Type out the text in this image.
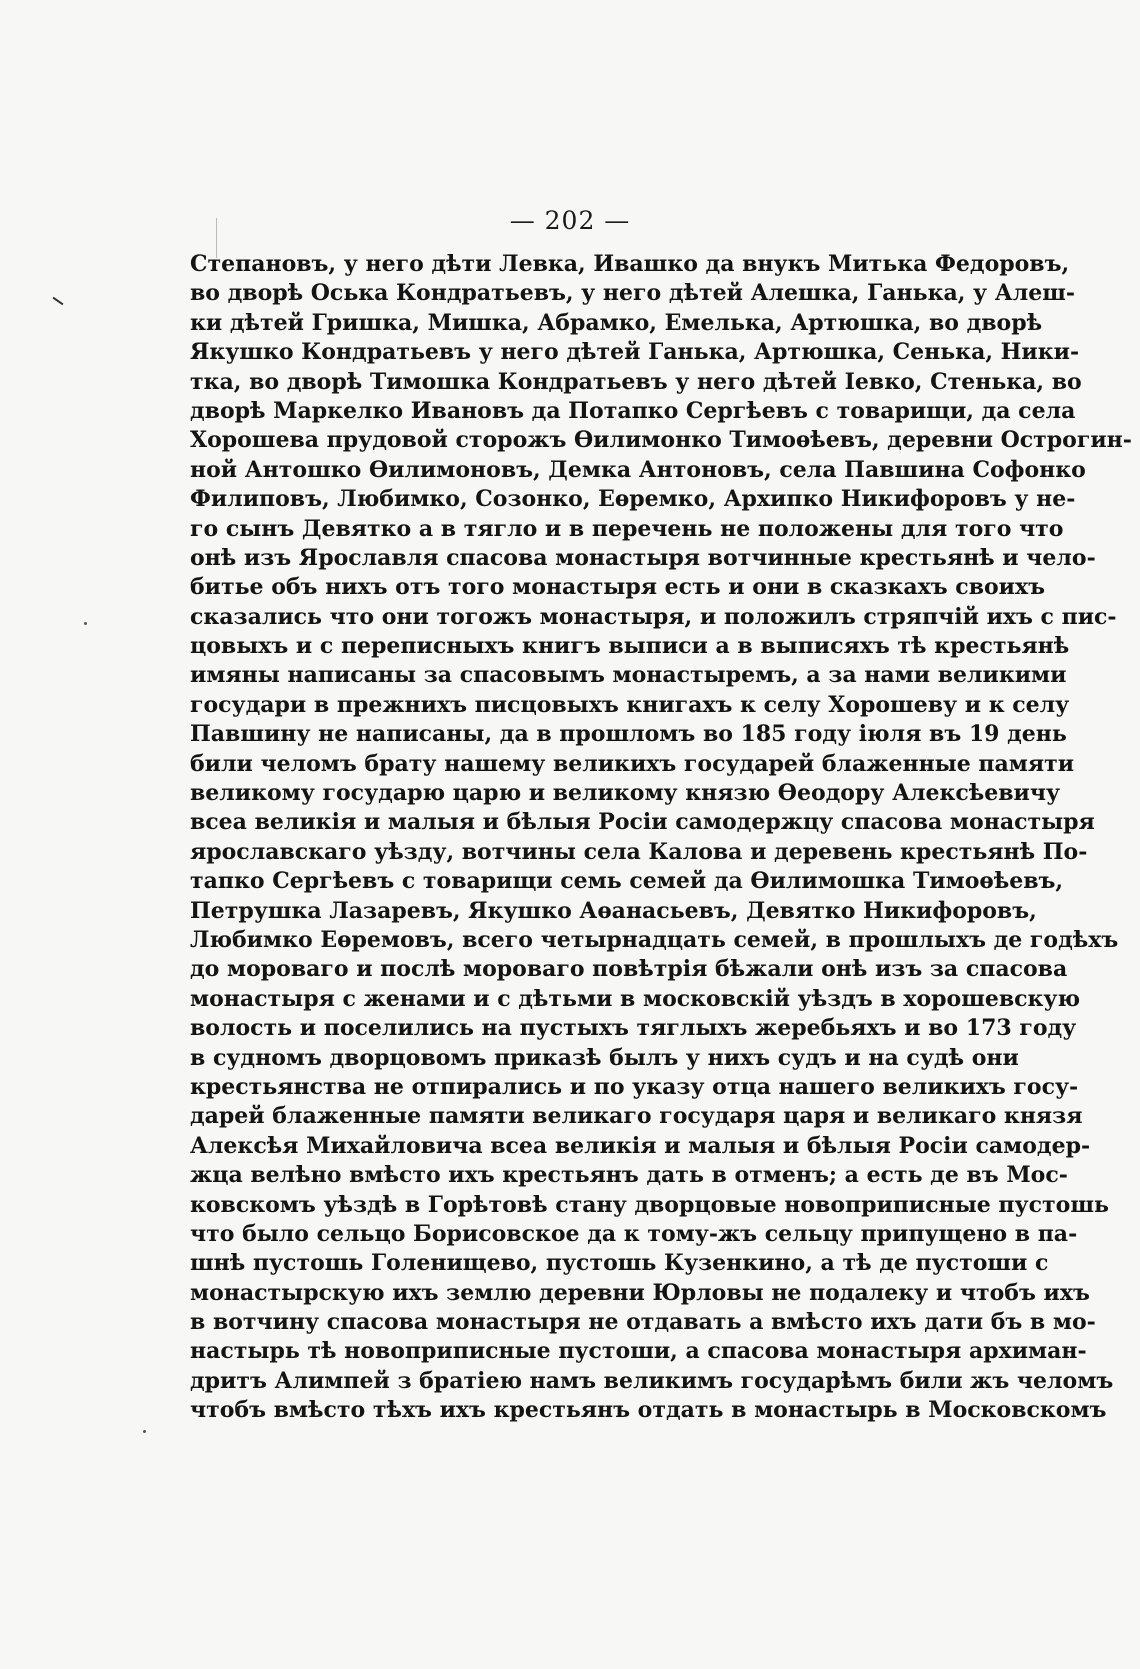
— 202 —
Степановъ, у него дѣти Левка, Ивашко да внукъ Митька Федоровъ,
во дворѣ Оська Кондратьевъ, у него дѣтей Алешка, Ганька, у Алеш-
ки дѣтей Гришка, Мишка, Абрамко, Емелька, Артюшка, во дворѣ
Якушко Кондратьевъ у него дѣтей Ганька, Артюшка, Сенька, Ники-
тка, во дворѣ Тимошка Кондратьевъ у него дѣтей Іевко, Стенька, во
дворѣ Маркелко Ивановъ да Потапко Сергѣевъ с товарищи, да села
Хорошева прудовой сторожъ Ѳилимонко Тимоѳѣевъ, деревни Острогин-
ной Антошко Ѳилимоновъ, Демка Антоновъ, села Павшина Софонко
Филиповъ, Любимко, Созонко, Еѳремко, Архипко Никифоровъ у не-
го сынъ Девятко а в тягло и в перечень не положены для того что
онѣ изъ Ярославля спасова монастыря вотчинные крестьянѣ и чело-
битье объ нихъ отъ того монастыря есть и они в сказкахъ своихъ
сказались что они тогожъ монастыря, и положилъ стряпчій ихъ с пис-
цовыхъ и с переписныхъ книгъ выписи а в выписяхъ тѣ крестьянѣ
имяны написаны за спасовымъ монастыремъ, а за нами великими
государи в прежнихъ писцовыхъ книгахъ к селу Хорошеву и к селу
Павшину не написаны, да в прошломъ во 185 году іюля въ 19 день
били челомъ брату нашему великихъ государей блаженные памяти
великому государю царю и великому князю Ѳеодору Алексѣевичу
всеа великія и малыя и бѣлыя Росіи самодержцу спасова монастыря
ярославскаго уѣзду, вотчины села Калова и деревень крестьянѣ По-
тапко Сергѣевъ с товарищи семь семей да Ѳилимошка Тимоѳѣевъ,
Петрушка Лазаревъ, Якушко Аѳанасьевъ, Девятко Никифоровъ,
Любимко Еѳремовъ, всего четырнадцать семей, в прошлыхъ де годѣхъ
до мороваго и послѣ мороваго повѣтрія бѣжали онѣ изъ за спасова
монастыря с женами и с дѣтьми в московскій уѣздъ в хорошевскую
волость и поселились на пустыхъ тяглыхъ жеребьяхъ и во 173 году
в судномъ дворцовомъ приказѣ былъ у нихъ судъ и на судѣ они
крестьянства не отпирались и по указу отца нашего великихъ госу-
дарей блаженные памяти великаго государя царя и великаго князя
Алексѣя Михайловича всеа великія и малыя и бѣлыя Росіи самодер-
жца велѣно вмѣсто ихъ крестьянъ дать в отменъ; а есть де въ Мос-
ковскомъ уѣздѣ в Горѣтовѣ стану дворцовые новоприписные пустошь
что было сельцо Борисовское да к тому-жъ сельцу припущено в па-
шнѣ пустошь Голенищево, пустошь Кузенкино, а тѣ де пустоши с
монастырскую ихъ землю деревни Юрловы не подалеку и чтобъ ихъ
в вотчину спасова монастыря не отдавать а вмѣсто ихъ дати бъ в мо-
настырь тѣ новоприписные пустоши, а спасова монастыря архиман-
дритъ Алимпей з братіею намъ великимъ государѣмъ били жъ челомъ
чтобъ вмѣсто тѣхъ ихъ крестьянъ отдать в монастырь в Московскомъ
